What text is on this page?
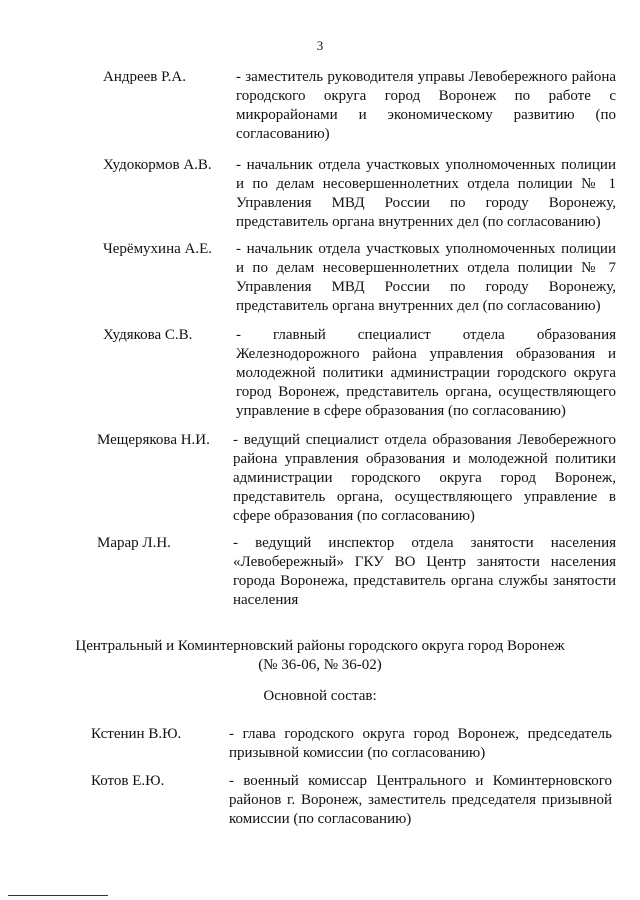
3
Андреев Р.А.	- заместитель руководителя управы Левобережного района городского округа город Воронеж по работе с микрорайонами и экономическому развитию (по согласованию)
Худокормов А.В. - начальник отдела участковых уполномоченных полиции и по делам несовершеннолетних отдела полиции № 1 Управления МВД России по городу Воронежу, представитель органа внутренних дел (по согласованию)
Черёмухина А.Е. - начальник отдела участковых уполномоченных полиции и по делам несовершеннолетних отдела полиции № 7 Управления МВД России по городу Воронежу, представитель органа внутренних дел (по согласованию)
Худякова С.В.	- главный специалист отдела образования Железнодорожного района управления образования и молодежной политики администрации городского округа город Воронеж, представитель органа, осуществляющего управление в сфере образования (по согласованию)
Мещерякова Н.И. - ведущий специалист отдела образования Левобережного района управления образования и молодежной политики администрации городского округа город Воронеж, представитель органа, осуществляющего управление в сфере образования (по согласованию)
Марар Л.Н.	- ведущий инспектор отдела занятости населения «Левобережный» ГКУ ВО Центр занятости населения города Воронежа, представитель органа службы занятости населения
Центральный и Коминтерновский районы городского округа город Воронеж
(№ 36-06, № 36-02)
Основной состав:
Кстенин В.Ю.	- глава городского округа город Воронеж, председатель призывной комиссии (по согласованию)
Котов Е.Ю.	- военный комиссар Центрального и Коминтерновского районов г. Воронеж, заместитель председателя призывной комиссии (по согласованию)
